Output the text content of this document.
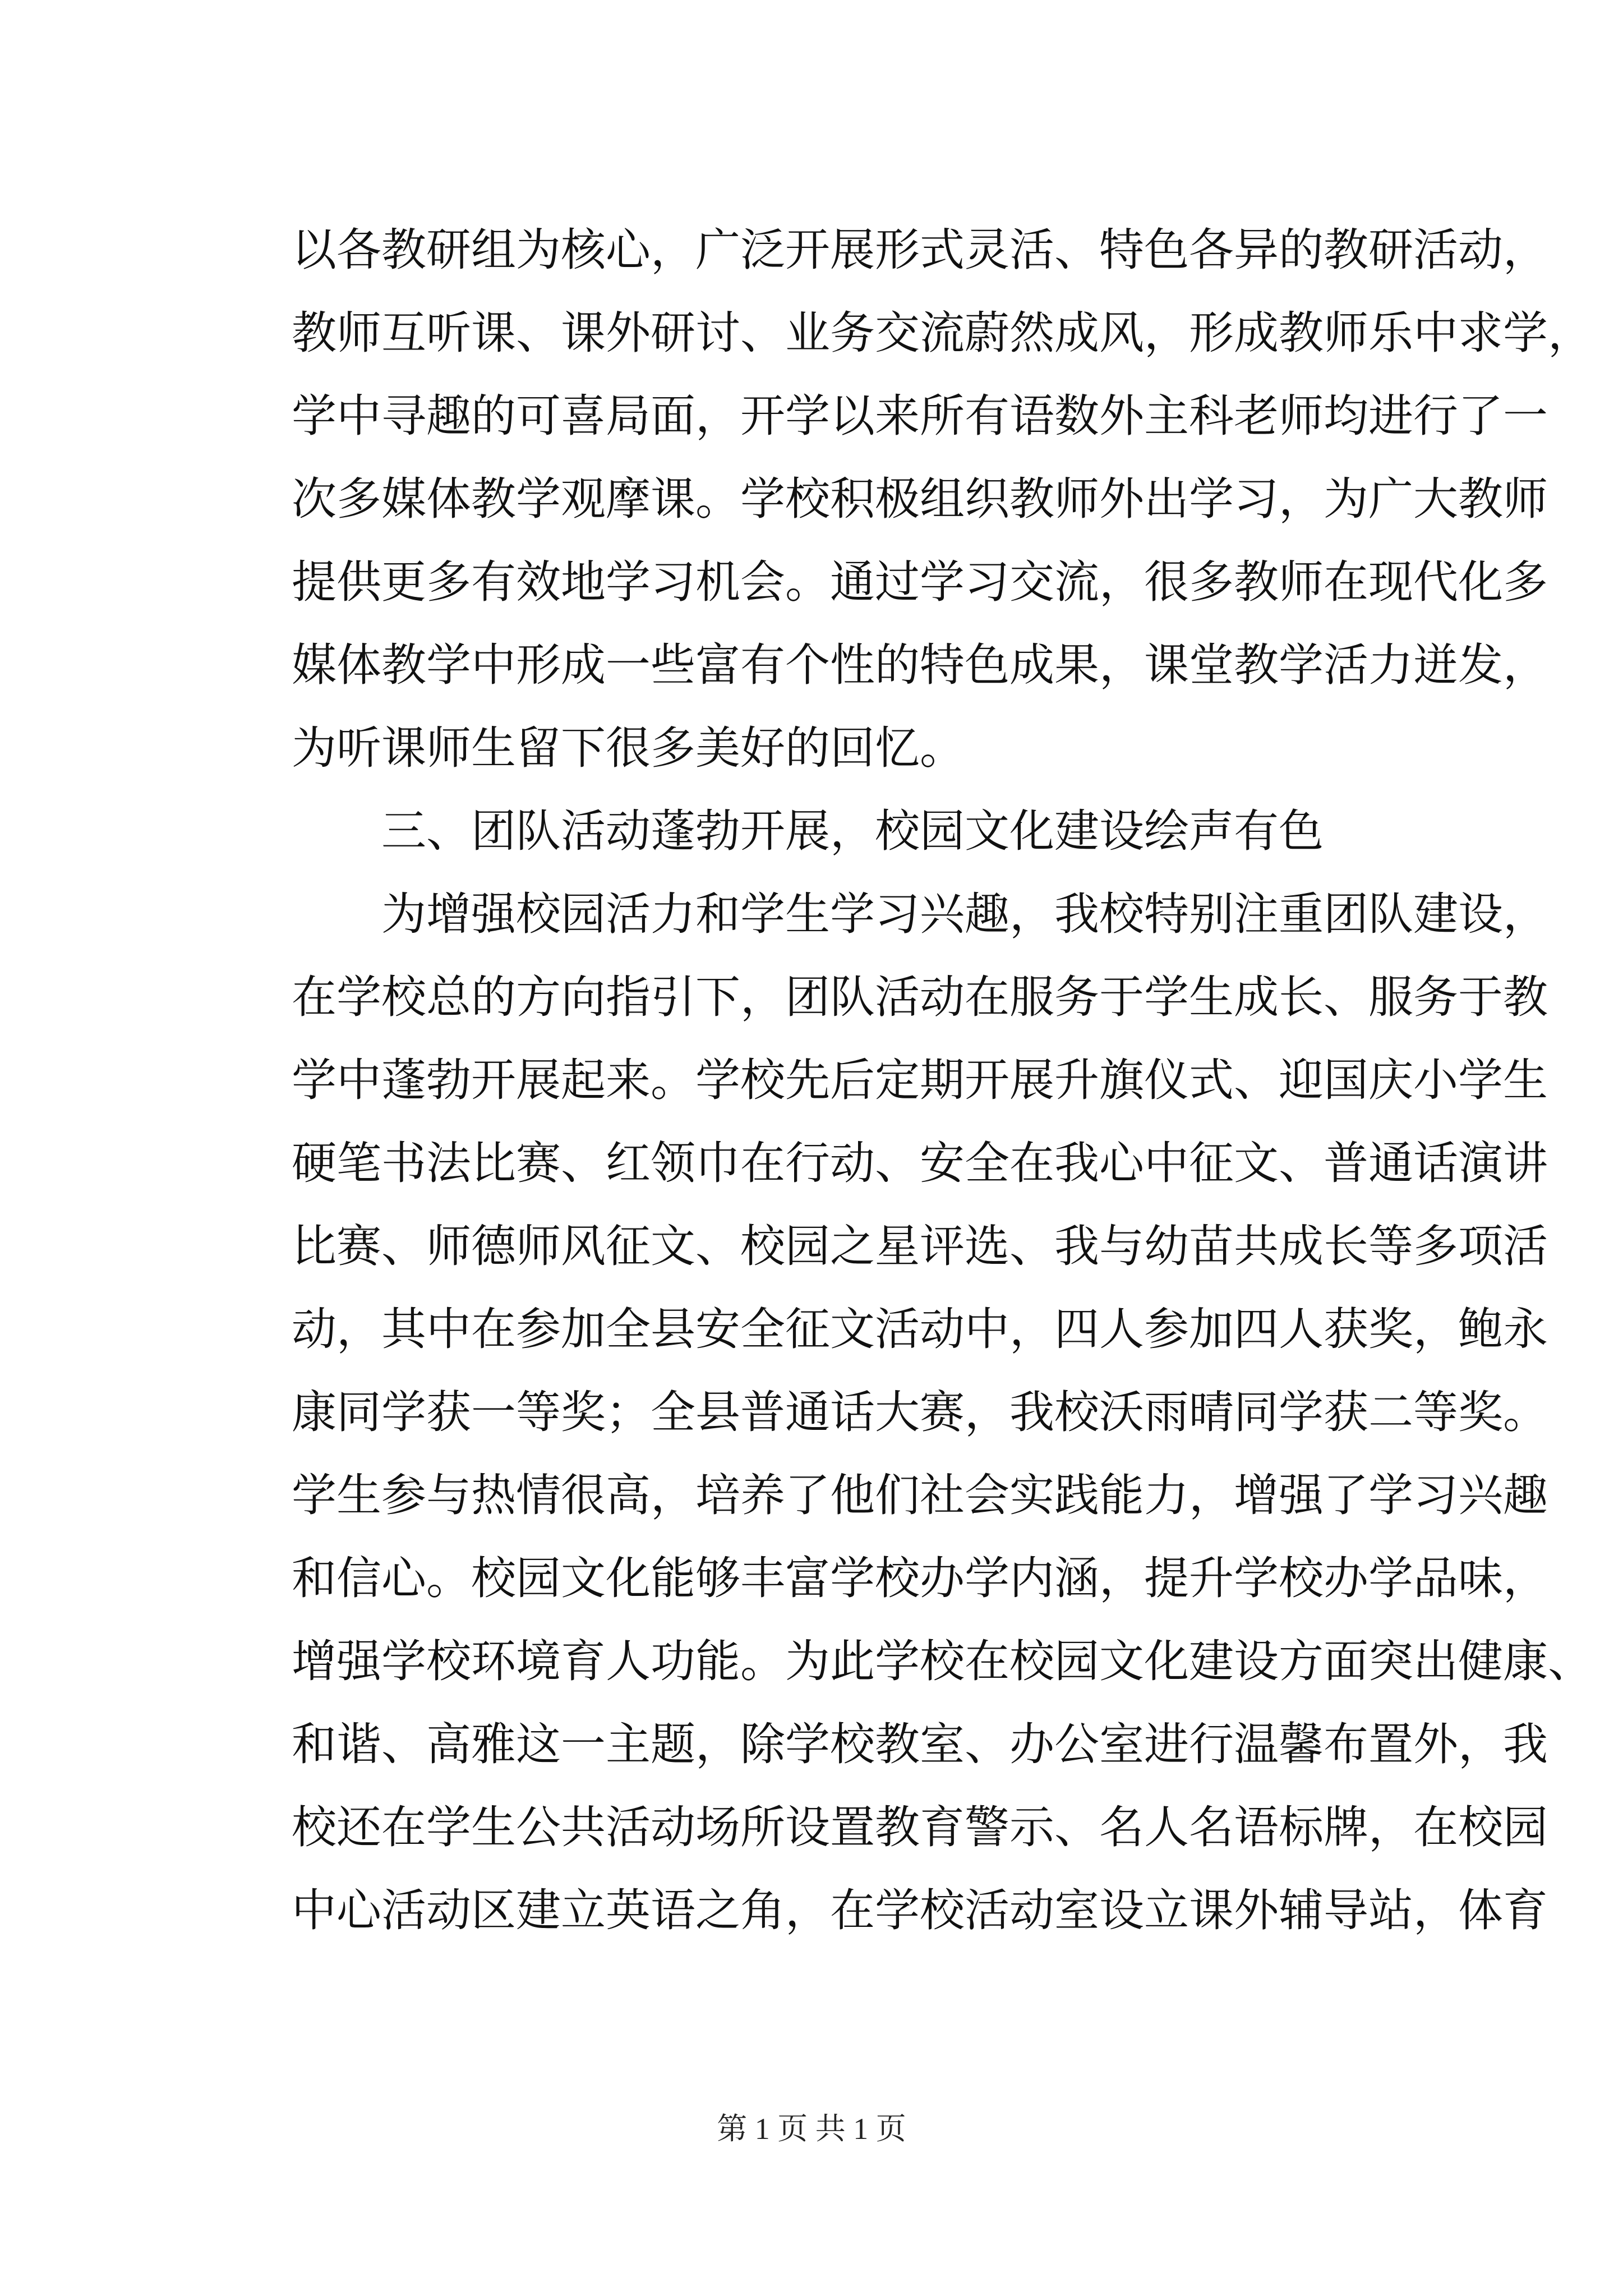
以各教研组为核心，广泛开展形式灵活、特色各异的教研活动，
教师互听课、课外研讨、业务交流蔚然成风，形成教师乐中求学，
学中寻趣的可喜局面，开学以来所有语数外主科老师均进行了一
次多媒体教学观摩课。学校积极组织教师外出学习，为广大教师
提供更多有效地学习机会。通过学习交流，很多教师在现代化多
媒体教学中形成一些富有个性的特色成果，课堂教学活力迸发，
为听课师生留下很多美好的回忆。
三、团队活动蓬勃开展，校园文化建设绘声有色
为增强校园活力和学生学习兴趣，我校特别注重团队建设，
在学校总的方向指引下，团队活动在服务于学生成长、服务于教
学中蓬勃开展起来。学校先后定期开展升旗仪式、迎国庆小学生
硬笔书法比赛、红领巾在行动、安全在我心中征文、普通话演讲
比赛、师德师风征文、校园之星评选、我与幼苗共成长等多项活
动，其中在参加全县安全征文活动中，四人参加四人获奖，鲍永
康同学获一等奖；全县普通话大赛，我校沃雨晴同学获二等奖。
学生参与热情很高，培养了他们社会实践能力，增强了学习兴趣
和信心。校园文化能够丰富学校办学内涵，提升学校办学品味，
增强学校环境育人功能。为此学校在校园文化建设方面突出健康、
和谐、高雅这一主题，除学校教室、办公室进行温馨布置外，我
校还在学生公共活动场所设置教育警示、名人名语标牌，在校园
中心活动区建立英语之角，在学校活动室设立课外辅导站，体育
第 1 页 共 1 页
